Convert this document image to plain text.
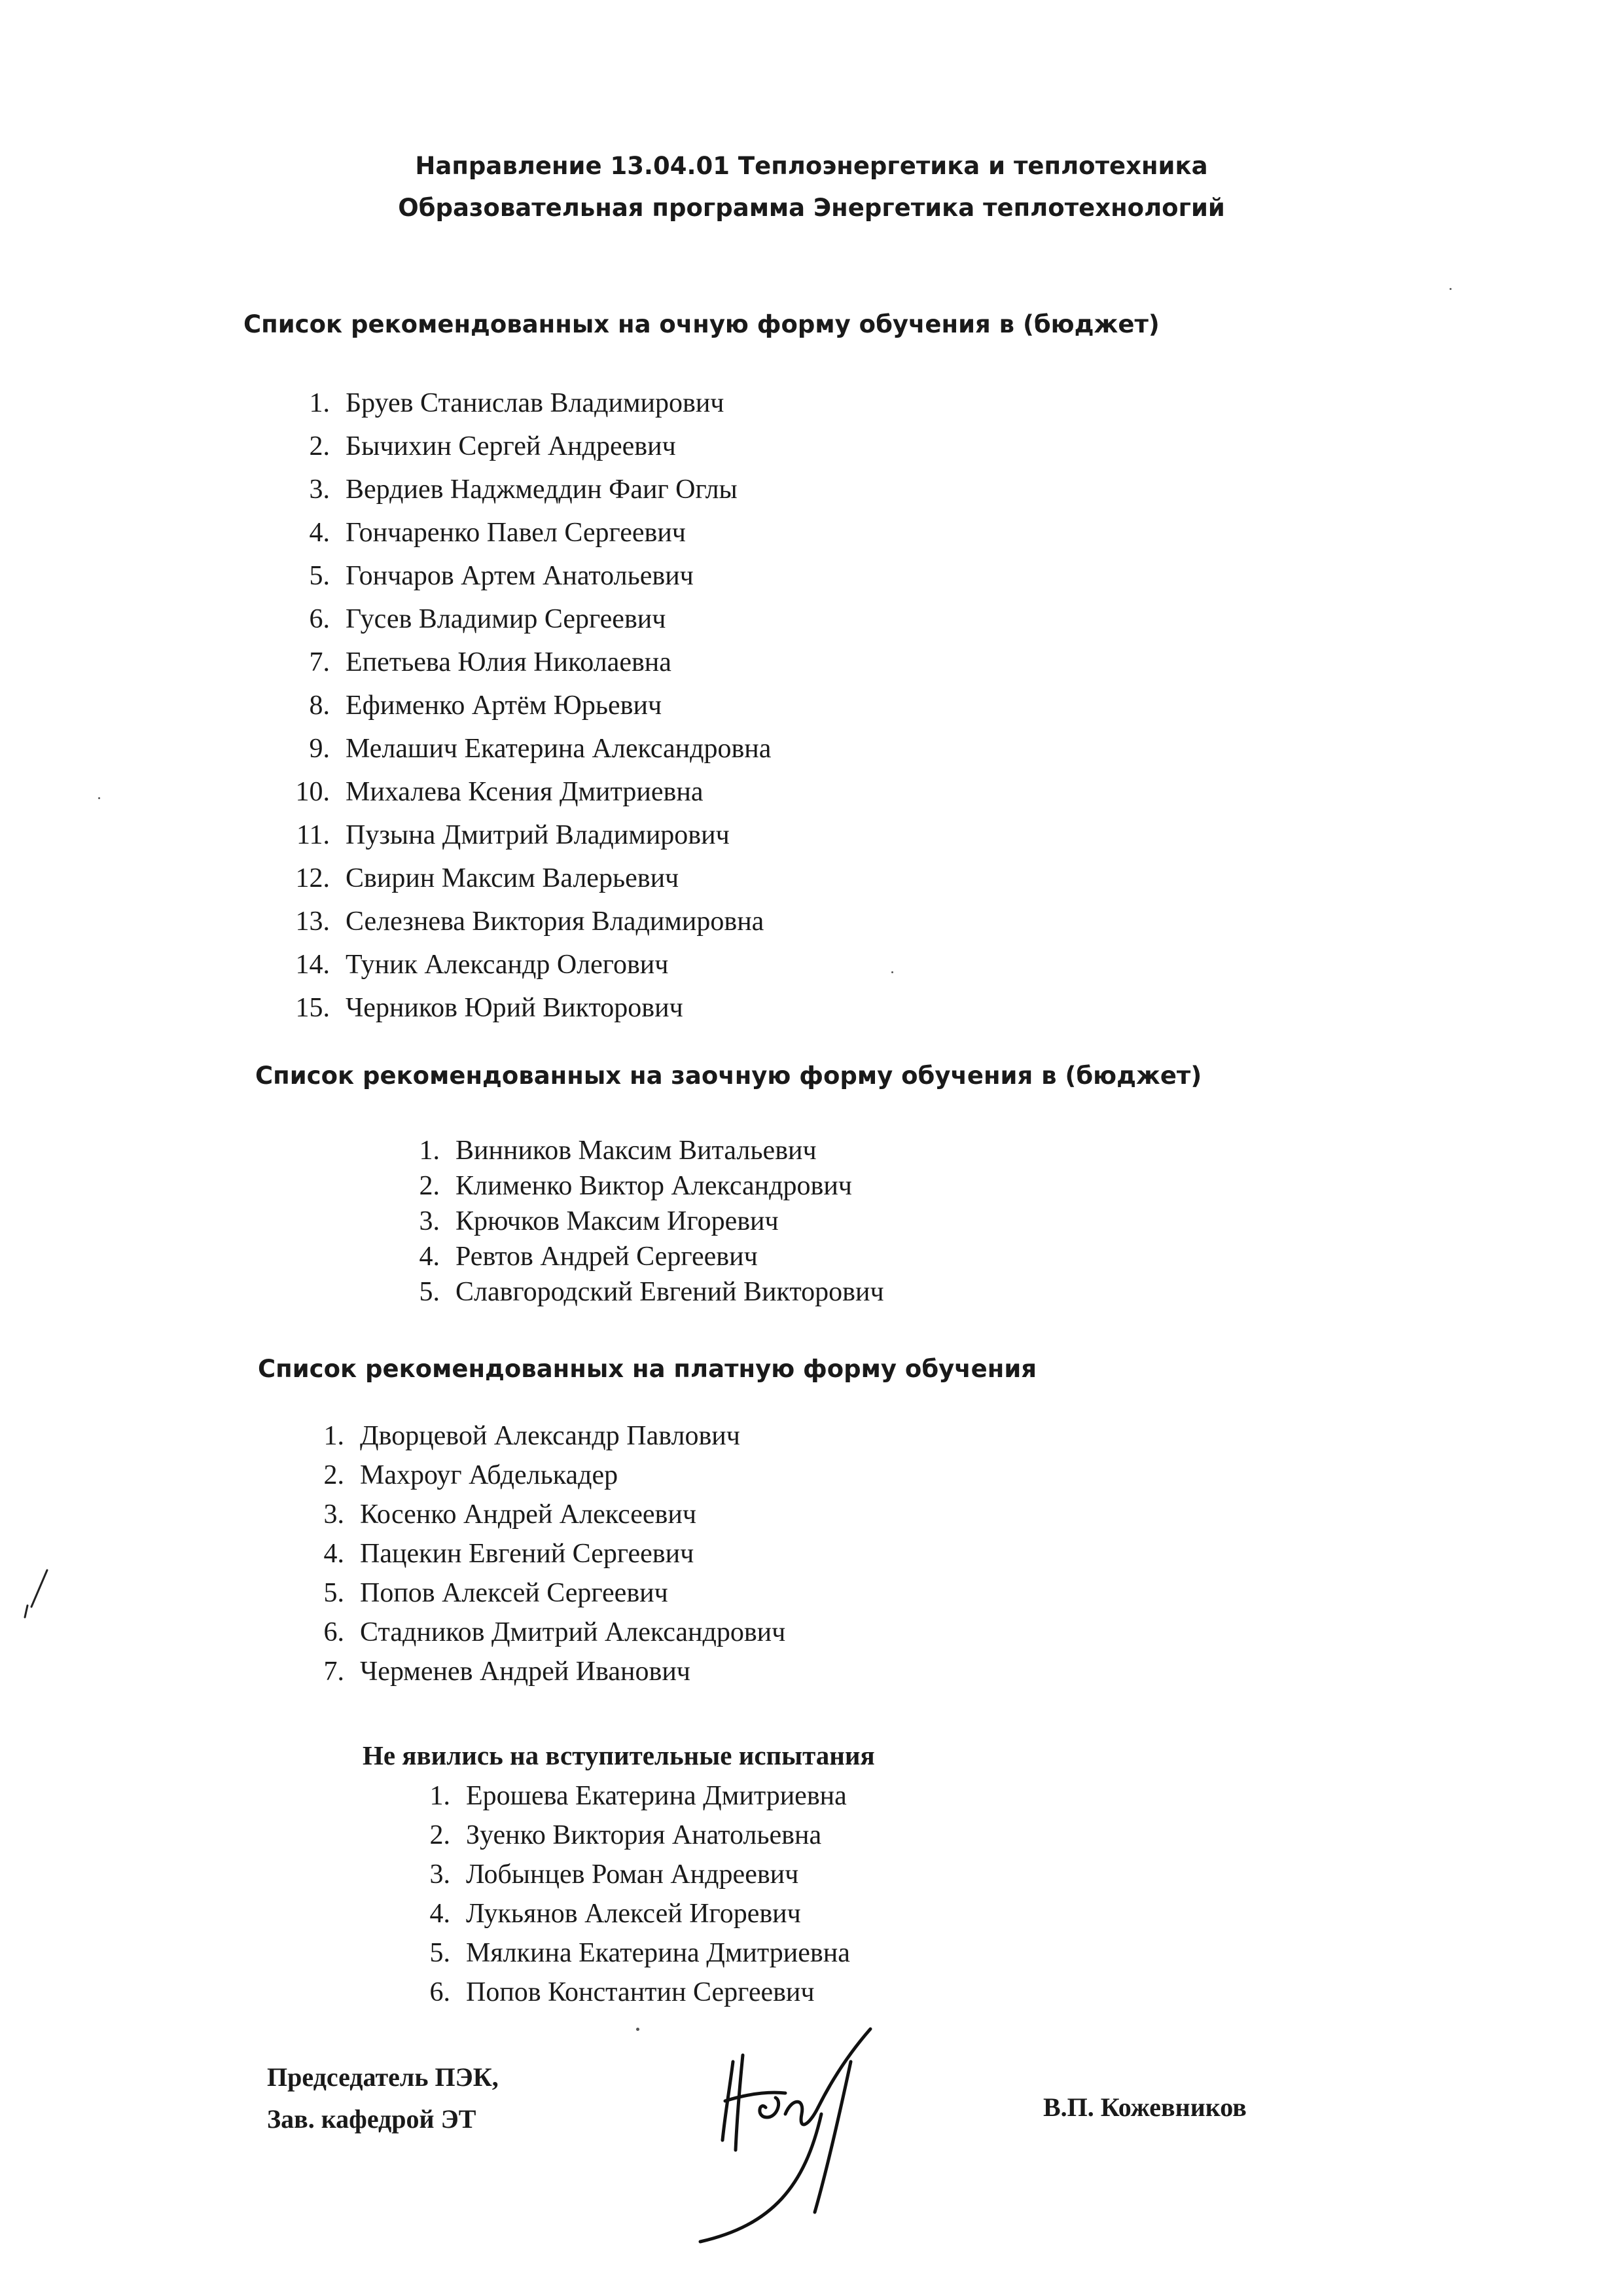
Направление 13.04.01 Теплоэнергетика и теплотехника
Образовательная программа Энергетика теплотехнологий
Список рекомендованных на очную форму обучения в (бюджет)
1. Бруев Станислав Владимирович
2. Бычихин Сергей Андреевич
3. Вердиев Наджмеддин Фаиг Оглы
4. Гончаренко Павел Сергеевич
5. Гончаров Артем Анатольевич
6. Гусев Владимир Сергеевич
7. Епетьева Юлия Николаевна
8. Ефименко Артём Юрьевич
9. Мелашич Екатерина Александровна
10. Михалева Ксения Дмитриевна
11. Пузына Дмитрий Владимирович
12. Свирин Максим Валерьевич
13. Селезнева Виктория Владимировна
14. Туник Александр Олегович
15. Черников Юрий Викторович
Список рекомендованных на заочную форму обучения в (бюджет)
1. Винников Максим Витальевич
2. Клименко Виктор Александрович
3. Крючков Максим Игоревич
4. Ревтов Андрей Сергеевич
5. Славгородский Евгений Викторович
Список рекомендованных на платную форму обучения
1. Дворцевой Александр Павлович
2. Махроуг Абделькадер
3. Косенко Андрей Алексеевич
4. Пацекин Евгений Сергеевич
5. Попов Алексей Сергеевич
6. Стадников Дмитрий Александрович
7. Черменев Андрей Иванович
Не явились на вступительные испытания
1. Ерошева Екатерина Дмитриевна
2. Зуенко Виктория Анатольевна
3. Лобынцев Роман Андреевич
4. Лукьянов Алексей Игоревич
5. Мялкина Екатерина Дмитриевна
6. Попов Константин Сергеевич
Председатель ПЭК,
Зав. кафедрой ЭТ	В.П. Кожевников
